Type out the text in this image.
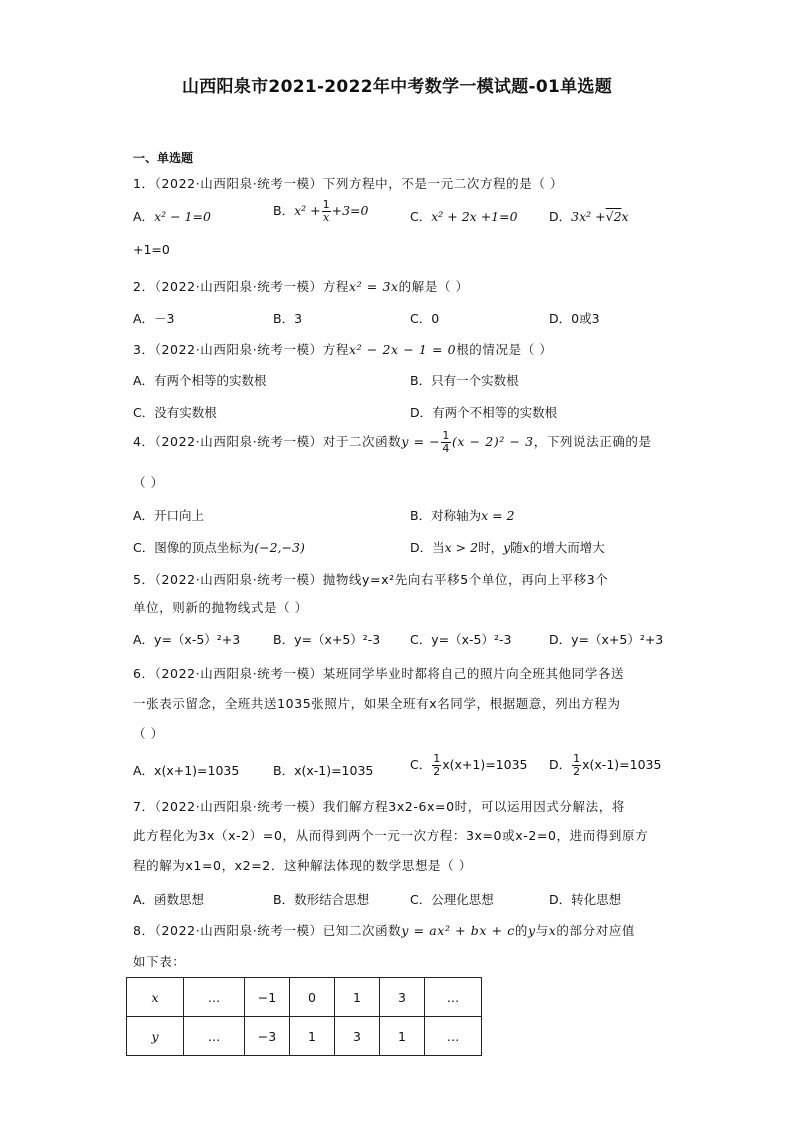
山西阳泉市2021-2022年中考数学一模试题-01单选题
一、单选题
1．（2022·山西阳泉·统考一模）下列方程中，不是一元二次方程的是（ ）
A．x² − 1=0	B．$x^2 + \frac{1}{x} +3=0$	C．x² + 2x +1=0	D．3x² +√2x
+1=0
2．（2022·山西阳泉·统考一模）方程x² = 3x的解是（ ）
A．－3	B．3	C．0	D．0或3
3．（2022·山西阳泉·统考一模）方程x² − 2x − 1 = 0根的情况是（ ）
A．有两个相等的实数根	B．只有一个实数根
C．没有实数根	D．有两个不相等的实数根
4．（2022·山西阳泉·统考一模）对于二次函数y = − $\frac{1}{4} (x - 2)^2 - 3$，下列说法正确的是
（ ）
A．开口向上	B．对称轴为x = 2
C．图像的顶点坐标为(−2,−3)	D．当x > 2时，y随x的增大而增大
5．（2022·山西阳泉·统考一模）抛物线y=x²先向右平移5个单位，再向上平移3个
单位，则新的抛物线式是（ ）
A．y=（x-5）²+3	B．y=（x+5）²-3 C．y=（x-5）²-3	D．y=（x+5）²+3
6．（2022·山西阳泉·统考一模）某班同学毕业时都将自己的照片向全班其他同学各送
一张表示留念，全班共送1035张照片，如果全班有x名同学，根据题意，列出方程为
（ ）
A．x(x+1)=1035	B．x(x-1)=1035	C． $\frac{1}{2} x(x+1)=1035$ D． $\frac{1}{2} x(x-1)=1035$
7．（2022·山西阳泉·统考一模）我们解方程3x2-6x=0时，可以运用因式分解法，将
此方程化为3x（x-2）=0，从而得到两个一元一次方程：3x=0或x-2=0，进而得到原方
程的解为x1=0，x2=2．这种解法体现的数学思想是（ ）
A．函数思想	B．数形结合思想	C．公理化思想	D．转化思想
8．（2022·山西阳泉·统考一模）已知二次函数y = ax² + bx + c的y与x的部分对应值
如下表：
x	…	−1	0	1	3	…
y	…	−3	1	3	1	…
